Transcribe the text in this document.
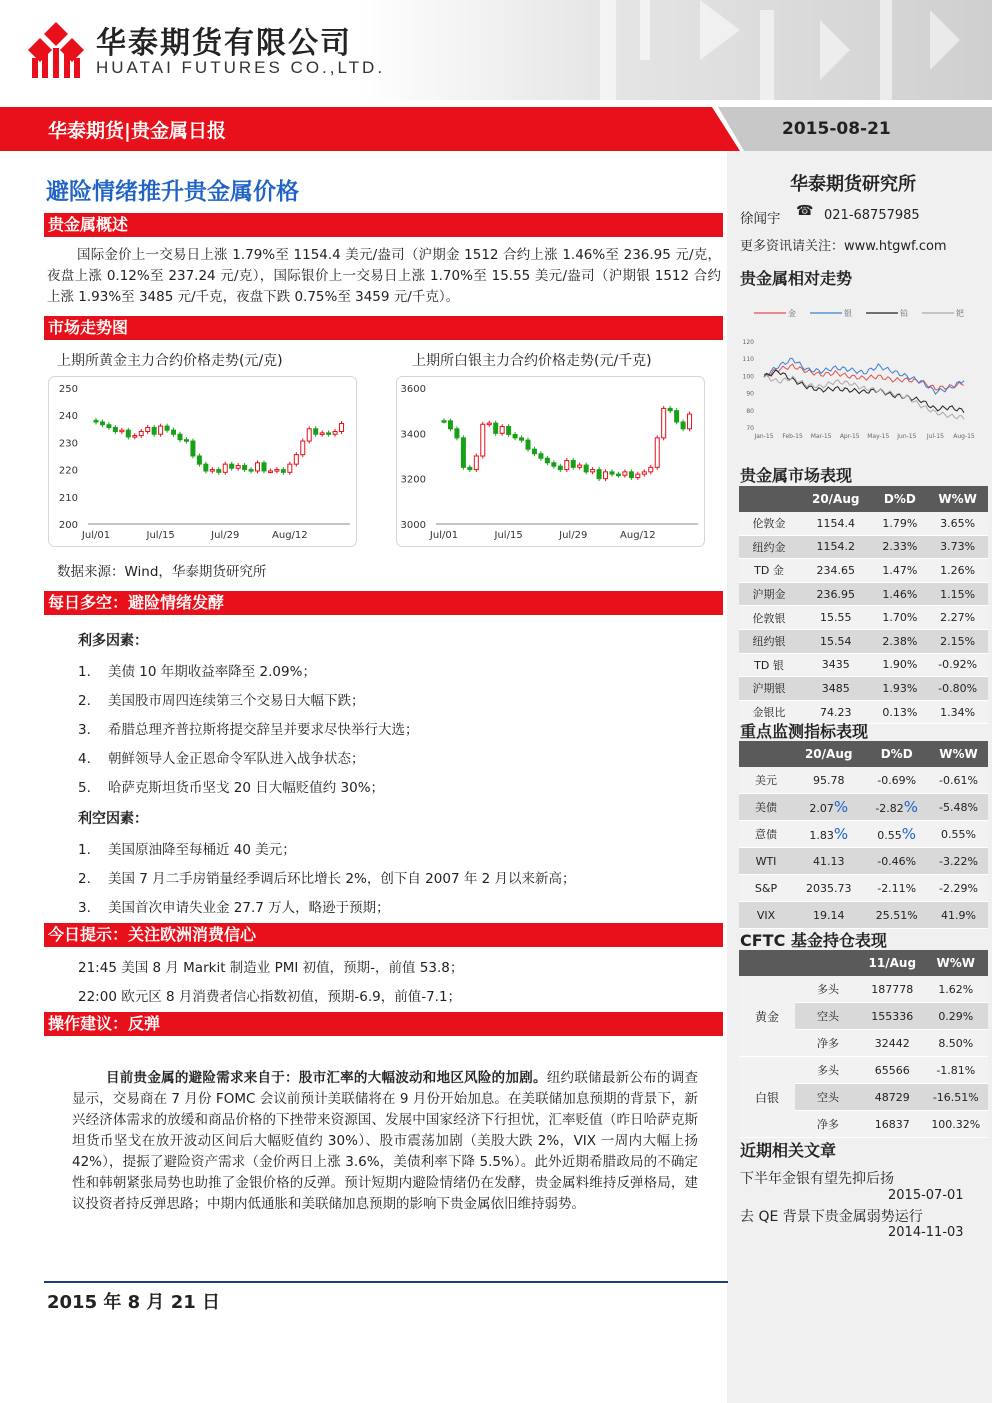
华泰期货有限公司
HUATAI FUTURES CO.,LTD.
华泰期货|贵金属日报	2015-08-21
避险情绪推升贵金属价格
贵金属概述
国际金价上一交易日上涨 1.79%至 1154.4 美元/盎司（沪期金 1512 合约上涨 1.46%至 236.95 元/克，夜盘上涨 0.12%至 237.24 元/克），国际银价上一交易日上涨 1.70%至 15.55 美元/盎司（沪期银 1512 合约上涨 1.93%至 3485 元/千克，夜盘下跌 0.75%至 3459 元/千克）。
市场走势图
上期所黄金主力合约价格走势(元/克)
200
210
220
230
240
250
Jul/01	Jul/15	Jul/29	Aug/12
上期所白银主力合约价格走势(元/千克)
3000
3200
3400
3600
Jul/01	Jul/15	Jul/29	Aug/12
数据来源：Wind，华泰期货研究所
每日多空：避险情绪发酵
利多因素：
1. 美债 10 年期收益率降至 2.09%；
2. 美国股市周四连续第三个交易日大幅下跌；
3. 希腊总理齐普拉斯将提交辞呈并要求尽快举行大选；
4. 朝鲜领导人金正恩命令军队进入战争状态；
5. 哈萨克斯坦货币坚戈 20 日大幅贬值约 30%；
利空因素：
1. 美国原油降至每桶近 40 美元；
2. 美国 7 月二手房销量经季调后环比增长 2%，创下自 2007 年 2 月以来新高；
3. 美国首次申请失业金 27.7 万人，略逊于预期；
今日提示：关注欧洲消费信心
21:45 美国 8 月 Markit 制造业 PMI 初值，预期-，前值 53.8；
22:00 欧元区 8 月消费者信心指数初值，预期-6.9，前值-7.1；
操作建议：反弹
目前贵金属的避险需求来自于：股市汇率的大幅波动和地区风险的加剧。纽约联储最新公布的调查显示，交易商在 7 月份 FOMC 会议前预计美联储将在 9 月份开始加息。在美联储加息预期的背景下，新兴经济体需求的放缓和商品价格的下挫带来资源国、发展中国家经济下行担忧，汇率贬值（昨日哈萨克斯坦货币坚戈在放开波动区间后大幅贬值约 30%）、股市震荡加剧（美股大跌 2%，VIX 一周内大幅上扬 42%），提振了避险资产需求（金价两日上涨 3.6%，美债利率下降 5.5%）。此外近期希腊政局的不确定性和韩朝紧张局势也助推了金银价格的反弹。预计短期内避险情绪仍在发酵，贵金属料维持反弹格局，建议投资者持反弹思路；中期内低通胀和美联储加息预期的影响下贵金属依旧维持弱势。
2015 年 8 月 21 日
华泰期货研究所
徐闻宇 ☎ 021-68757985
更多资讯请关注：www.htgwf.com
贵金属相对走势
金	银	铂	钯
70
80
90
100
110
120
Jan-15 Feb-15 Mar-15 Apr-15 May-15 Jun-15 Jul-15 Aug-15
贵金属市场表现
	20/Aug	D%D	W%W
伦敦金	1154.4	1.79%	3.65%
纽约金	1154.2	2.33%	3.73%
TD 金	234.65	1.47%	1.26%
沪期金	236.95	1.46%	1.15%
伦敦银	15.55	1.70%	2.27%
纽约银	15.54	2.38%	2.15%
TD 银	3435	1.90%	-0.92%
沪期银	3485	1.93%	-0.80%
金银比	74.23	0.13%	1.34%
重点监测指标表现
	20/Aug	D%D	W%W
美元	95.78	-0.69%	-0.61%
美债	2.07%	-2.82%	-5.48%
意债	1.83%	0.55%	0.55%
WTI	41.13	-0.46%	-3.22%
S&P	2035.73	-2.11%	-2.29%
VIX	19.14	25.51%	41.9%
CFTC 基金持仓表现
		11/Aug	W%W
黄金	多头	187778	1.62%
	空头	155336	0.29%
	净多	32442	8.50%
白银	多头	65566	-1.81%
	空头	48729	-16.51%
	净多	16837	100.32%
近期相关文章
下半年金银有望先抑后扬
2015-07-01
去 QE 背景下贵金属弱势运行
2014-11-03
